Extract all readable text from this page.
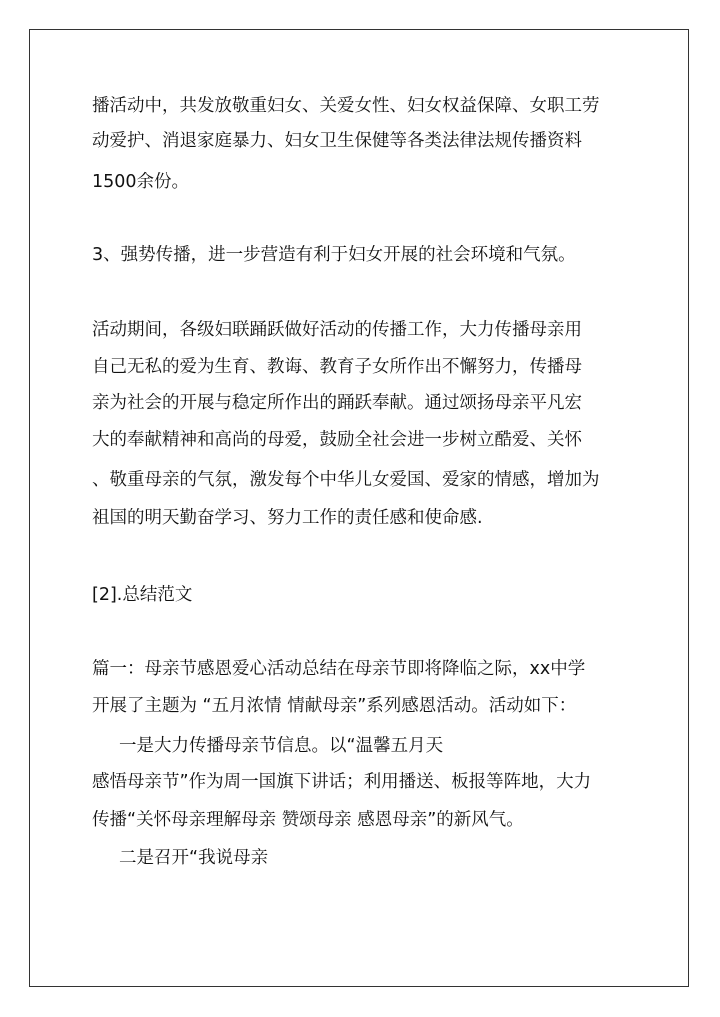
播活动中，共发放敬重妇女、关爱女性、妇女权益保障、女职工劳
动爱护、消退家庭暴力、妇女卫生保健等各类法律法规传播资料
1500余份。
3、强势传播，进一步营造有利于妇女开展的社会环境和气氛。
活动期间，各级妇联踊跃做好活动的传播工作，大力传播母亲用
自己无私的爱为生育、教诲、教育子女所作出不懈努力，传播母
亲为社会的开展与稳定所作出的踊跃奉献。通过颂扬母亲平凡宏
大的奉献精神和高尚的母爱，鼓励全社会进一步树立酷爱、关怀
、敬重母亲的气氛，激发每个中华儿女爱国、爱家的情感，增加为
祖国的明天勤奋学习、努力工作的责任感和使命感.
[2].总结范文
篇一：母亲节感恩爱心活动总结在母亲节即将降临之际，xx中学
开展了主题为 “五月浓情 情献母亲”系列感恩活动。活动如下：
一是大力传播母亲节信息。以“温馨五月天
感悟母亲节”作为周一国旗下讲话；利用播送、板报等阵地，大力
传播“关怀母亲理解母亲 赞颂母亲 感恩母亲”的新风气。
二是召开“我说母亲
